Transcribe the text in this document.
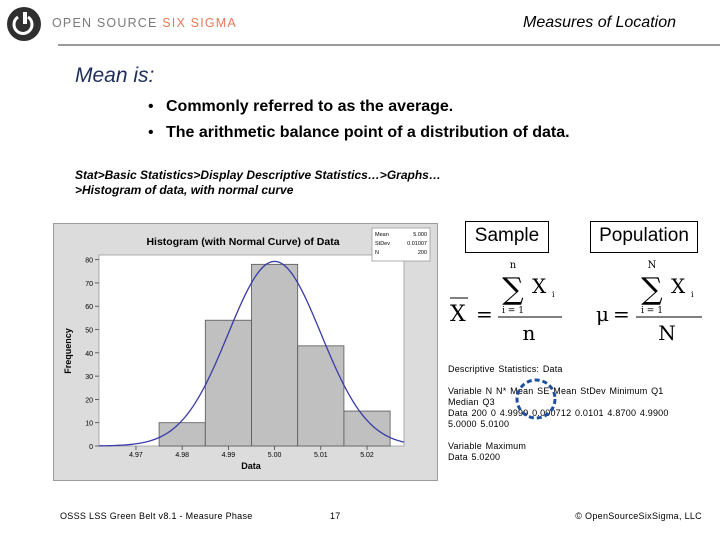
OPEN SOURCE SIX SIGMA	Measures of Location
Mean is:
• Commonly referred to as the average.
• The arithmetic balance point of a distribution of data.
Stat>Basic Statistics>Display Descriptive Statistics…>Graphs…
>Histogram of data, with normal curve
Histogram (with Normal Curve) of Data
0
10
20
30
40
50
60
70
80
4.97	4.98	4.99	5.00	5.01	5.02
Data
Frequency
Mean	5.000
StDev	0.01007
N	200
Sample	Population
X =
n
∑
i = 1
X i
n
μ =
N
∑
i = 1
X i
N
Descriptive Statistics: Data
Variable N N* Mean SE Mean StDev Minimum Q1
Median Q3
Data 200 0 4.9999 0.000712 0.0101 4.8700 4.9900
5.0000 5.0100
Variable Maximum
Data 5.0200
OSSS LSS Green Belt v8.1 - Measure Phase	17	© OpenSourceSixSigma, LLC
